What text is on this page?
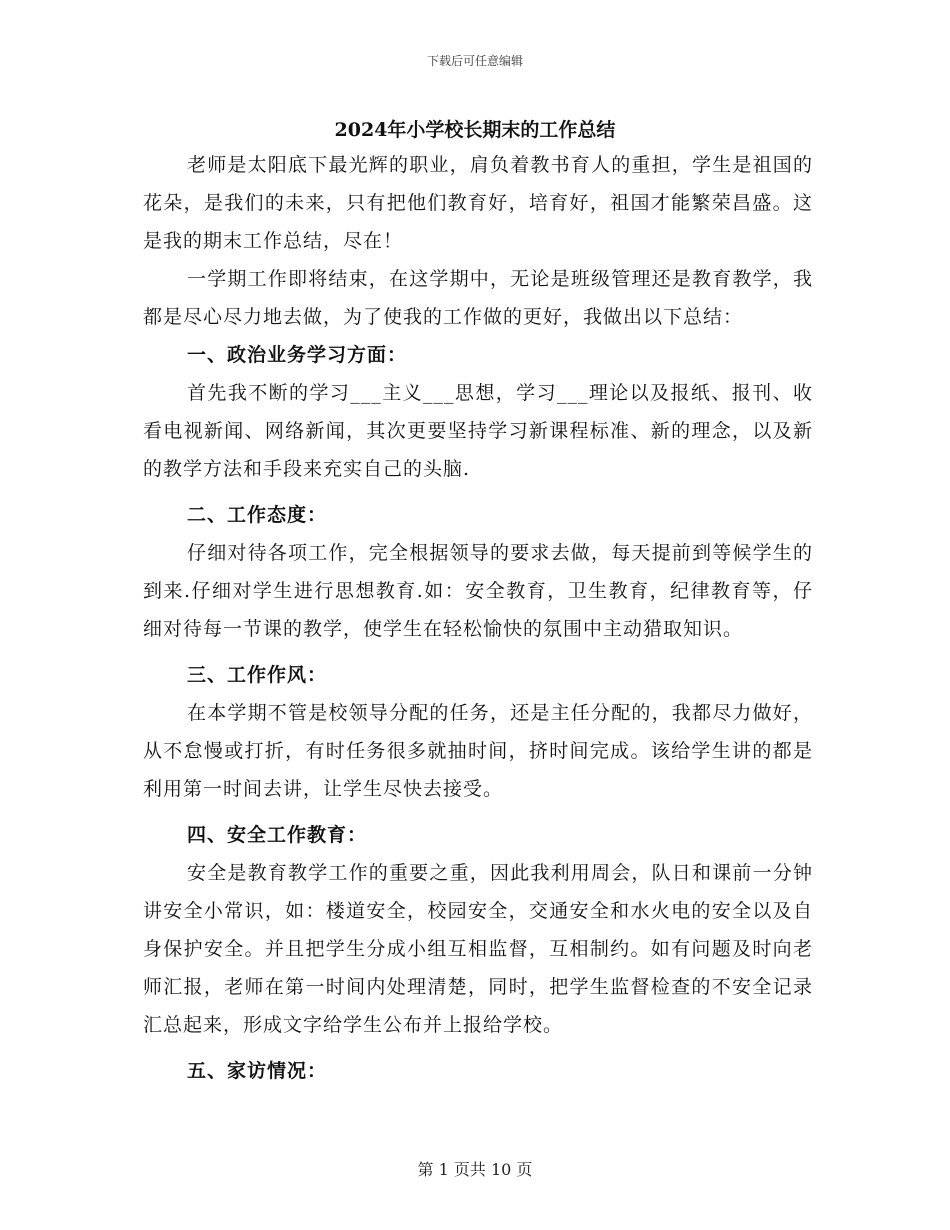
下载后可任意编辑
2024年小学校长期末的工作总结

老师是太阳底下最光辉的职业，肩负着教书育人的重担，学生是祖国的花朵，是我们的未来，只有把他们教育好，培育好，祖国才能繁荣昌盛。这是我的期末工作总结，尽在！

一学期工作即将结束，在这学期中，无论是班级管理还是教育教学，我都是尽心尽力地去做，为了使我的工作做的更好，我做出以下总结：

一、政治业务学习方面：

首先我不断的学习___主义___思想，学习___理论以及报纸、报刊、收看电视新闻、网络新闻，其次更要坚持学习新课程标准、新的理念，以及新的教学方法和手段来充实自己的头脑.

二、工作态度：

仔细对待各项工作，完全根据领导的要求去做，每天提前到等候学生的到来.仔细对学生进行思想教育.如：安全教育，卫生教育，纪律教育等，仔细对待每一节课的教学，使学生在轻松愉快的氛围中主动猎取知识。

三、工作作风：

在本学期不管是校领导分配的任务，还是主任分配的，我都尽力做好，从不怠慢或打折，有时任务很多就抽时间，挤时间完成。该给学生讲的都是利用第一时间去讲，让学生尽快去接受。

四、安全工作教育：

安全是教育教学工作的重要之重，因此我利用周会，队日和课前一分钟讲安全小常识，如：楼道安全，校园安全，交通安全和水火电的安全以及自身保护安全。并且把学生分成小组互相监督，互相制约。如有问题及时向老师汇报，老师在第一时间内处理清楚，同时，把学生监督检查的不安全记录汇总起来，形成文字给学生公布并上报给学校。

五、家访情况：

第 1 页共 10 页
